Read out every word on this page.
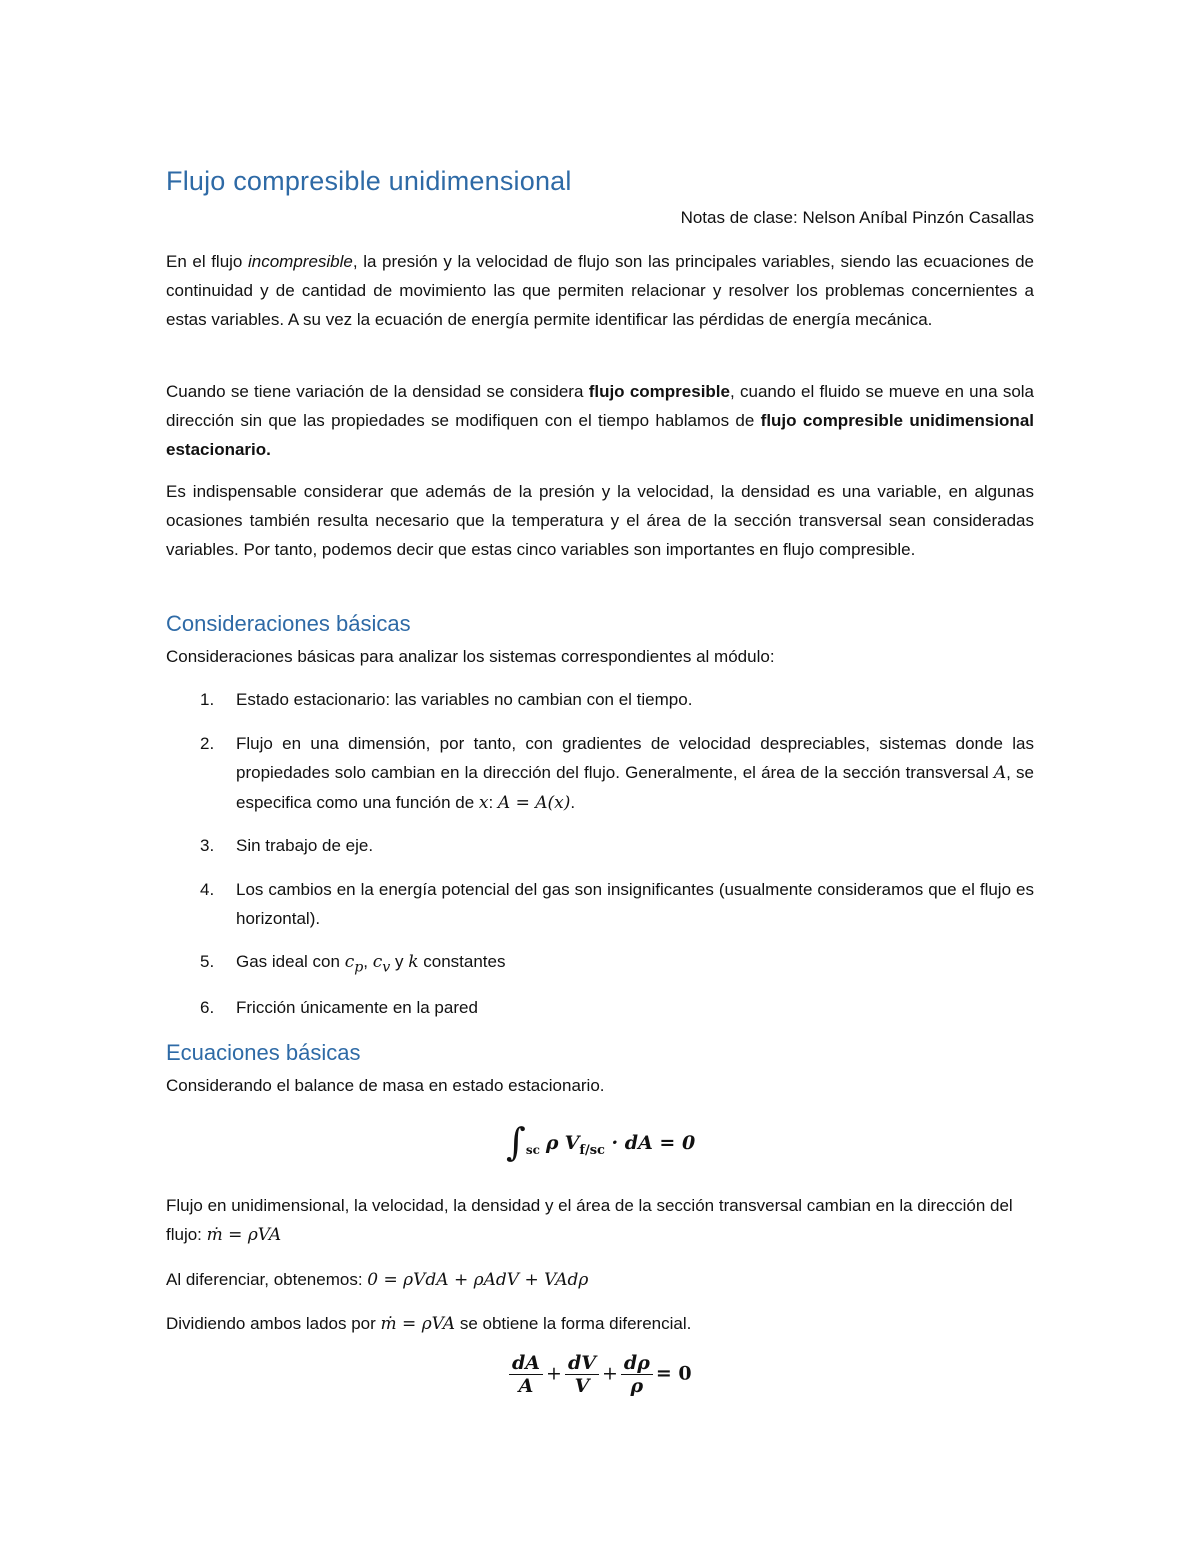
Flujo compresible unidimensional
Notas de clase: Nelson Aníbal Pinzón Casallas

En el flujo incompresible, la presión y la velocidad de flujo son las principales variables, siendo las ecuaciones de continuidad y de cantidad de movimiento las que permiten relacionar y resolver los problemas concernientes a estas variables. A su vez la ecuación de energía permite identificar las pérdidas de energía mecánica.

Cuando se tiene variación de la densidad se considera flujo compresible, cuando el fluido se mueve en una sola dirección sin que las propiedades se modifiquen con el tiempo hablamos de flujo compresible unidimensional estacionario.

Es indispensable considerar que además de la presión y la velocidad, la densidad es una variable, en algunas ocasiones también resulta necesario que la temperatura y el área de la sección transversal sean consideradas variables. Por tanto, podemos decir que estas cinco variables son importantes en flujo compresible.

Consideraciones básicas

Consideraciones básicas para analizar los sistemas correspondientes al módulo:

1.	Estado estacionario: las variables no cambian con el tiempo.
2.	Flujo en una dimensión, por tanto, con gradientes de velocidad despreciables, sistemas donde las propiedades solo cambian en la dirección del flujo. Generalmente, el área de la sección transversal A, se especifica como una función de x: A = A(x).
3.	Sin trabajo de eje.
4.	Los cambios en la energía potencial del gas son insignificantes (usualmente consideramos que el flujo es horizontal).
5.	Gas ideal con $c_p$, $c_v$ y k constantes
6.	Fricción únicamente en la pared
Ecuaciones básicas

Considerando el balance de masa en estado estacionario.

$\int_{sc}$ ρ $V_{f/sc}$ · dA = 0

Flujo en unidimensional, la velocidad, la densidad y el área de la sección transversal cambian en la dirección del flujo: ṁ = ρVA

Al diferenciar, obtenemos: 0 = ρVdA + ρAdV + VAdρ

Dividiendo ambos lados por ṁ = ρVA se obtiene la forma diferencial.

$\frac{dA}{A} + \frac{dV}{V} + \frac{d\rho}{\rho} = 0$
